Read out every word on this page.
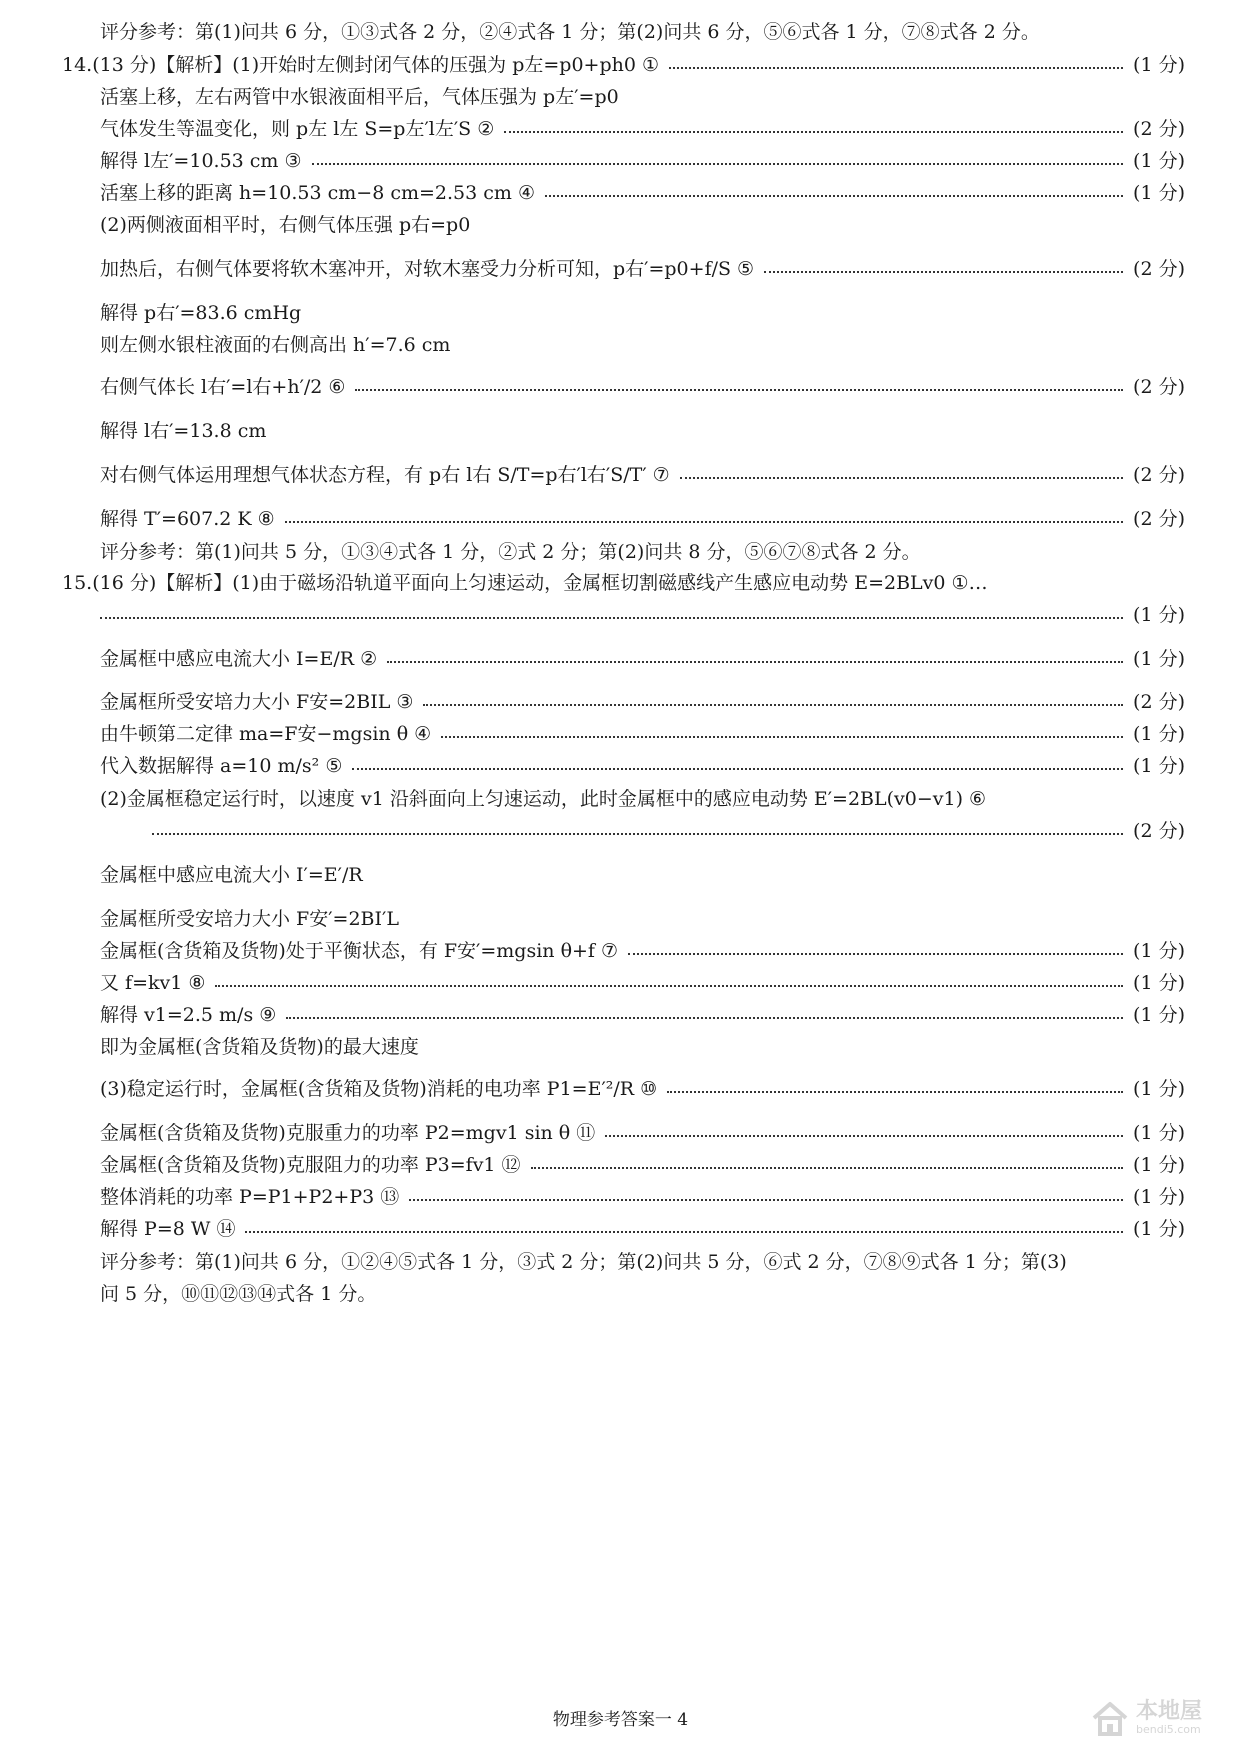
评分参考：第(1)问共 6 分，①③式各 2 分，②④式各 1 分；第(2)问共 6 分，⑤⑥式各 1 分，⑦⑧式各 2 分。
14.(13 分)【解析】(1)开始时左侧封闭气体的压强为 p左=p0+ph0 ①	(1 分)
活塞上移，左右两管中水银液面相平后，气体压强为 p左′=p0
气体发生等温变化，则 p左 l左 S=p左′l左′S ②	(2 分)
解得 l左′=10.53 cm ③	(1 分)
活塞上移的距离 h=10.53 cm−8 cm=2.53 cm ④	(1 分)
(2)两侧液面相平时，右侧气体压强 p右=p0
加热后，右侧气体要将软木塞冲开，对软木塞受力分析可知，p右′=p0+f/S ⑤	(2 分)
解得 p右′=83.6 cmHg
则左侧水银柱液面的右侧高出 h′=7.6 cm
右侧气体长 l右′=l右+h′/2 ⑥	(2 分)
解得 l右′=13.8 cm
对右侧气体运用理想气体状态方程，有 p右 l右 S/T=p右′l右′S/T′ ⑦	(2 分)
解得 T′=607.2 K ⑧	(2 分)
评分参考：第(1)问共 5 分，①③④式各 1 分，②式 2 分；第(2)问共 8 分，⑤⑥⑦⑧式各 2 分。
15.(16 分)【解析】(1)由于磁场沿轨道平面向上匀速运动，金属框切割磁感线产生感应电动势 E=2BLv0 ①…
(1 分)
金属框中感应电流大小 I=E/R ②	(1 分)
金属框所受安培力大小 F安=2BIL ③	(2 分)
由牛顿第二定律 ma=F安−mgsin θ ④	(1 分)
代入数据解得 a=10 m/s² ⑤	(1 分)
(2)金属框稳定运行时，以速度 v1 沿斜面向上匀速运动，此时金属框中的感应电动势 E′=2BL(v0−v1) ⑥
(2 分)
金属框中感应电流大小 I′=E′/R
金属框所受安培力大小 F安′=2BI′L
金属框(含货箱及货物)处于平衡状态，有 F安′=mgsin θ+f ⑦	(1 分)
又 f=kv1 ⑧	(1 分)
解得 v1=2.5 m/s ⑨	(1 分)
即为金属框(含货箱及货物)的最大速度
(3)稳定运行时，金属框(含货箱及货物)消耗的电功率 P1=E′²/R ⑩	(1 分)
金属框(含货箱及货物)克服重力的功率 P2=mgv1 sin θ ⑪	(1 分)
金属框(含货箱及货物)克服阻力的功率 P3=fv1 ⑫	(1 分)
整体消耗的功率 P=P1+P2+P3 ⑬	(1 分)
解得 P=8 W ⑭	(1 分)
评分参考：第(1)问共 6 分，①②④⑤式各 1 分，③式 2 分；第(2)问共 5 分，⑥式 2 分，⑦⑧⑨式各 1 分；第(3)
问 5 分，⑩⑪⑫⑬⑭式各 1 分。
物理参考答案一 4	本地屋
bendi5.com
